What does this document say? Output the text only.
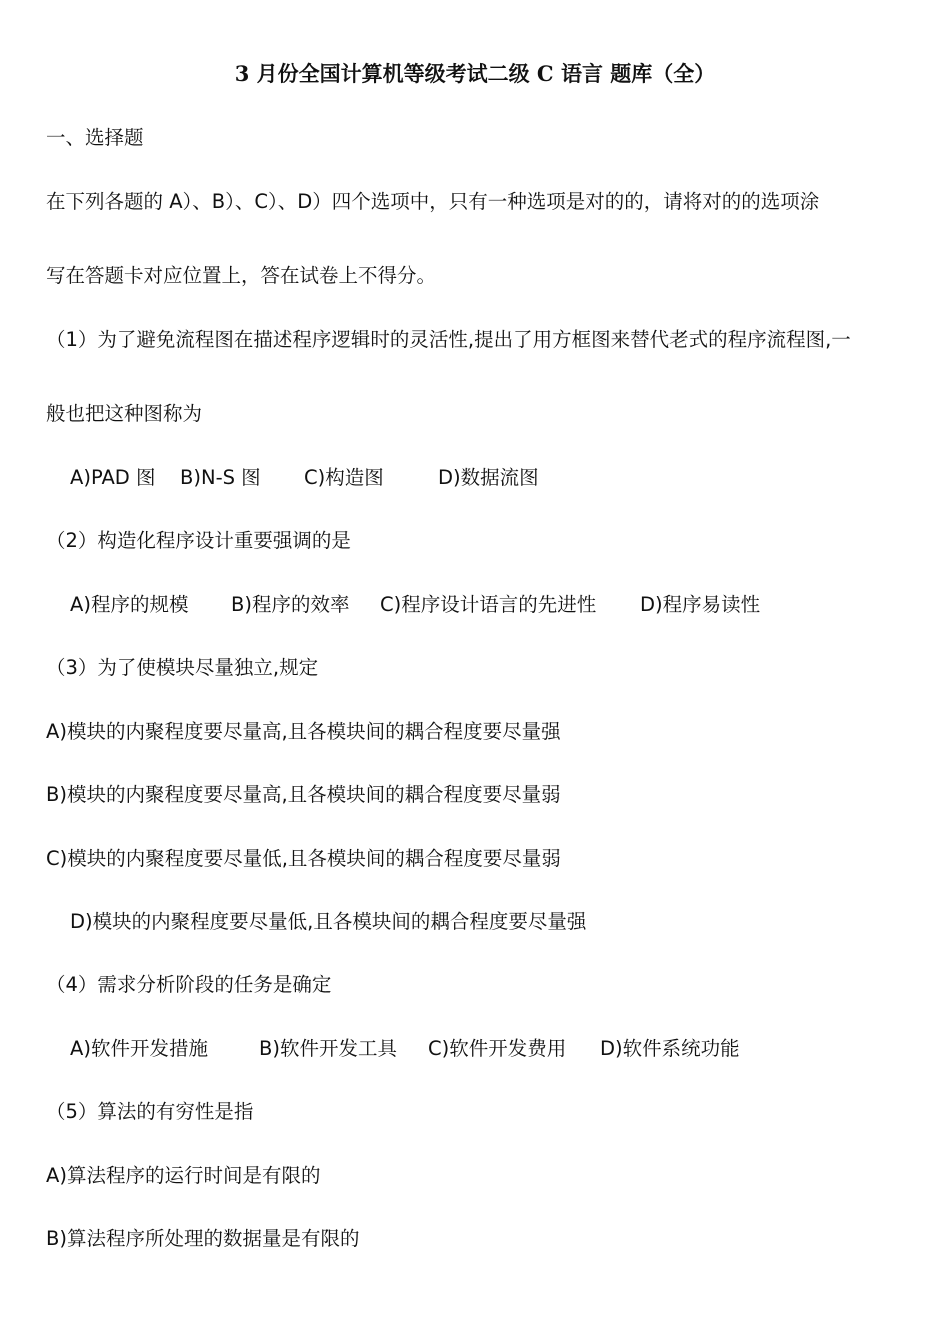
3 月份全国计算机等级考试二级 C 语言 题库（全）
一、选择题
在下列各题的 A）、B）、C）、D）四个选项中，只有一种选项是对的的，请将对的的选项涂
写在答题卡对应位置上，答在试卷上不得分。
（1）为了避免流程图在描述程序逻辑时的灵活性,提出了用方框图来替代老式的程序流程图,一
般也把这种图称为
A)PAD 图 B)N-S 图 C)构造图	D)数据流图
（2）构造化程序设计重要强调的是
A)程序的规模 B)程序的效率 C)程序设计语言的先进性 D)程序易读性
（3）为了使模块尽量独立,规定
A)模块的内聚程度要尽量高,且各模块间的耦合程度要尽量强
B)模块的内聚程度要尽量高,且各模块间的耦合程度要尽量弱
C)模块的内聚程度要尽量低,且各模块间的耦合程度要尽量弱
D)模块的内聚程度要尽量低,且各模块间的耦合程度要尽量强
（4）需求分析阶段的任务是确定
A)软件开发措施	B)软件开发工具 C)软件开发费用 D)软件系统功能
（5）算法的有穷性是指
A)算法程序的运行时间是有限的
B)算法程序所处理的数据量是有限的
